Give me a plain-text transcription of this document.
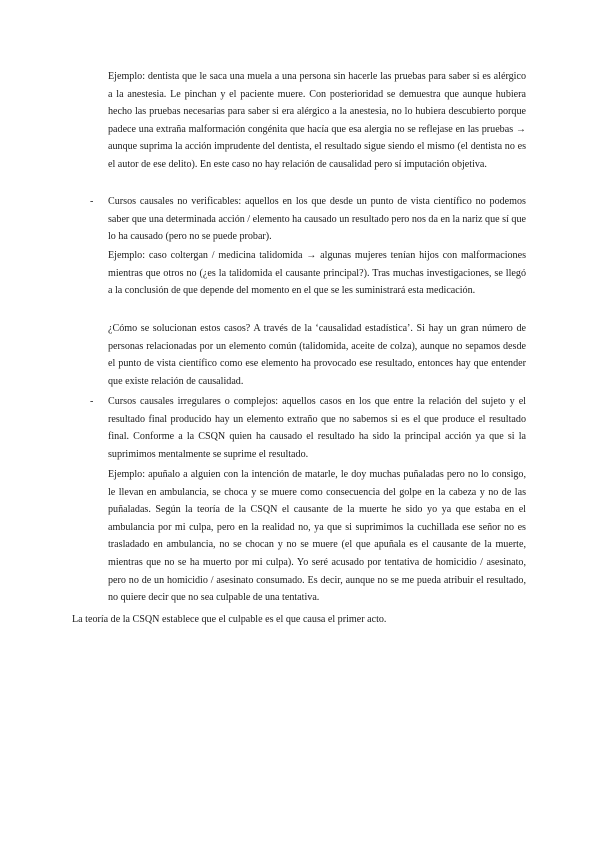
Ejemplo: dentista que le saca una muela a una persona sin hacerle las pruebas para saber si es alérgico a la anestesia. Le pinchan y el paciente muere. Con posterioridad se demuestra que aunque hubiera hecho las pruebas necesarias para saber si era alérgico a la anestesia, no lo hubiera descubierto porque padece una extraña malformación congénita que hacía que esa alergia no se reflejase en las pruebas → aunque suprima la acción imprudente del dentista, el resultado sigue siendo el mismo (el dentista no es el autor de ese delito). En este caso no hay relación de causalidad pero sí imputación objetiva.

- Cursos causales no verificables: aquellos en los que desde un punto de vista científico no podemos saber que una determinada acción / elemento ha causado un resultado pero nos da en la nariz que sí que lo ha causado (pero no se puede probar).

Ejemplo: caso coltergan / medicina talidomida → algunas mujeres tenían hijos con malformaciones mientras que otros no (¿es la talidomida el causante principal?). Tras muchas investigaciones, se llegó a la conclusión de que depende del momento en el que se les suministrará esta medicación.

¿Cómo se solucionan estos casos? A través de la ‘causalidad estadística’. Si hay un gran número de personas relacionadas por un elemento común (talidomida, aceite de colza), aunque no sepamos desde el punto de vista científico como ese elemento ha provocado ese resultado, entonces hay que entender que existe relación de causalidad.

- Cursos causales irregulares o complejos: aquellos casos en los que entre la relación del sujeto y el resultado final producido hay un elemento extraño que no sabemos si es el que produce el resultado final. Conforme a la CSQN quien ha causado el resultado ha sido la principal acción ya que si la suprimimos mentalmente se suprime el resultado.

Ejemplo: apuñalo a alguien con la intención de matarle, le doy muchas puñaladas pero no lo consigo, le llevan en ambulancia, se choca y se muere como consecuencia del golpe en la cabeza y no de las puñaladas. Según la teoría de la CSQN el causante de la muerte he sido yo ya que estaba en el ambulancia por mi culpa, pero en la realidad no, ya que si suprimimos la cuchillada ese señor no es trasladado en ambulancia, no se chocan y no se muere (el que apuñala es el causante de la muerte, mientras que no se ha muerto por mi culpa). Yo seré acusado por tentativa de homicidio / asesinato, pero no de un homicidio / asesinato consumado. Es decir, aunque no se me pueda atribuir el resultado, no quiere decir que no sea culpable de una tentativa.

La teoría de la CSQN establece que el culpable es el que causa el primer acto.
